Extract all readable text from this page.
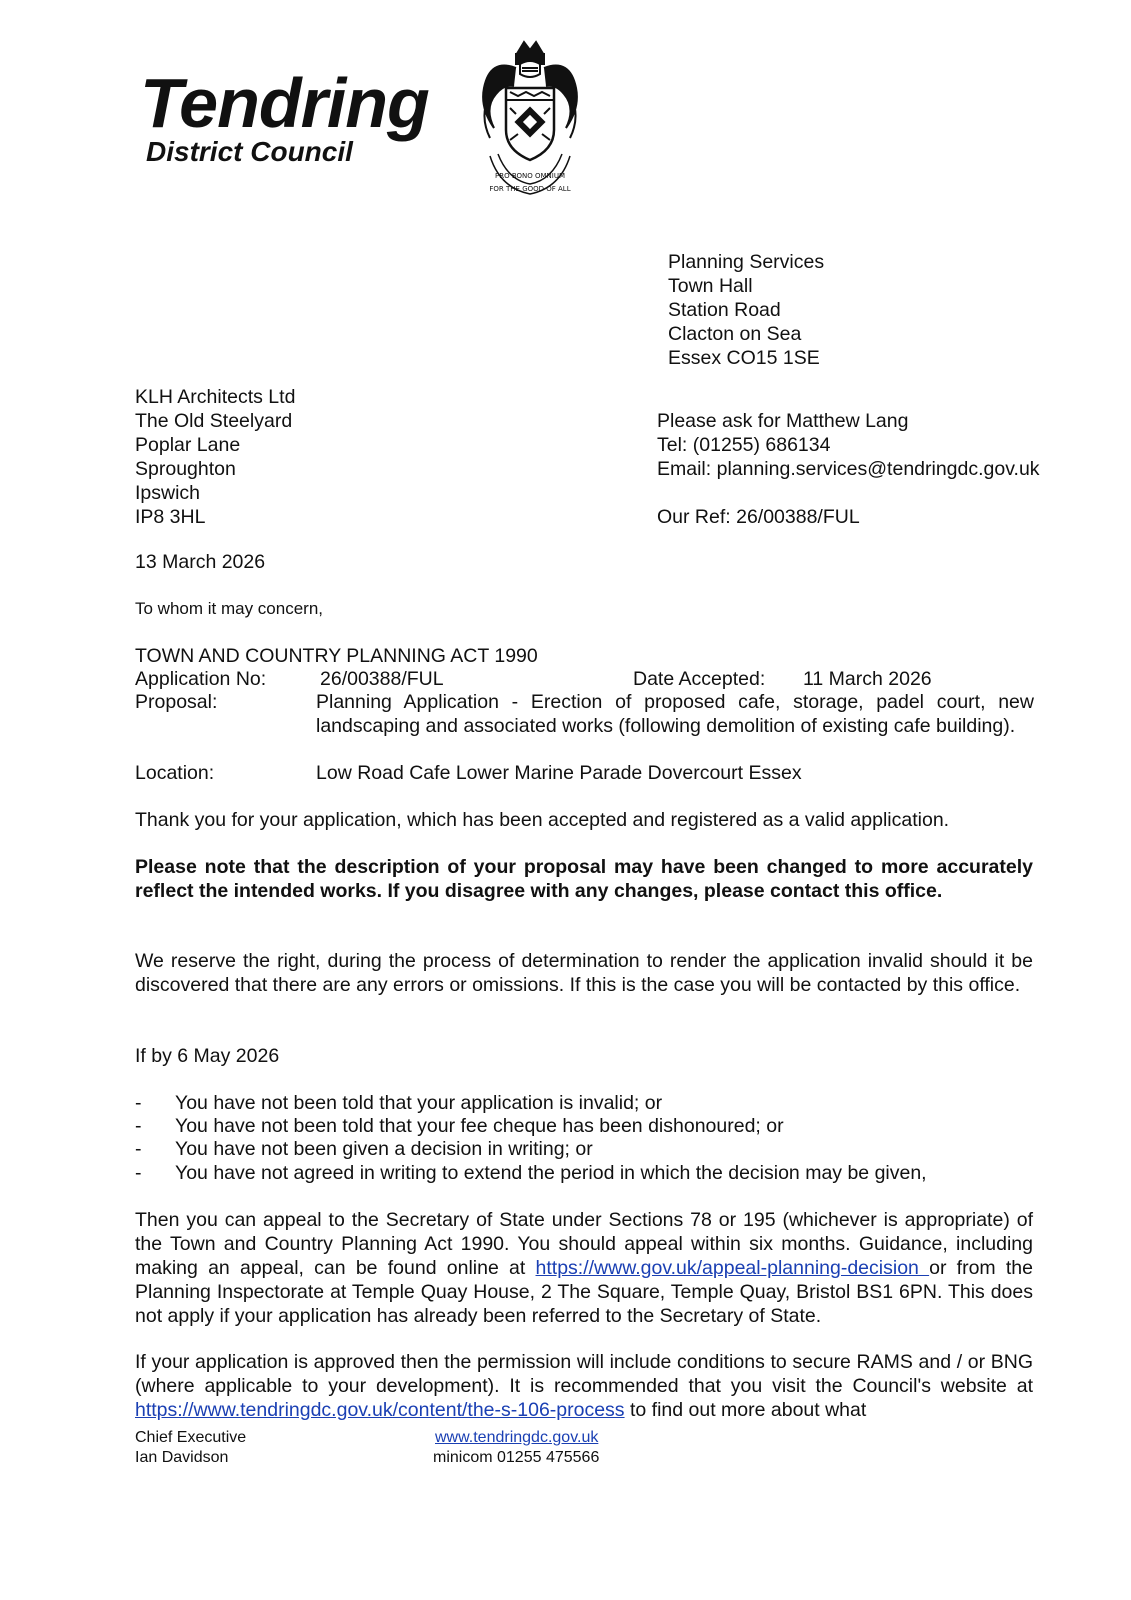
Tendring
District Council
PRO BONO OMNIUM
FOR THE GOOD OF ALL
Planning Services
Town Hall
Station Road
Clacton on Sea
Essex CO15 1SE
KLH Architects Ltd
The Old Steelyard
Poplar Lane
Sproughton
Ipswich
IP8 3HL
Please ask for Matthew Lang
Tel: (01255) 686134
Email: planning.services@tendringdc.gov.uk
Our Ref: 26/00388/FUL
13 March 2026
To whom it may concern,
TOWN AND COUNTRY PLANNING ACT 1990
Application No:	26/00388/FUL	Date Accepted: 11 March 2026
Proposal:	Planning Application - Erection of proposed cafe, storage, padel court, new landscaping and associated works (following demolition of existing cafe building).
Location:	Low Road Cafe Lower Marine Parade Dovercourt Essex
Thank you for your application, which has been accepted and registered as a valid application.
Please note that the description of your proposal may have been changed to more accurately reflect the intended works. If you disagree with any changes, please contact this office.
We reserve the right, during the process of determination to render the application invalid should it be discovered that there are any errors or omissions. If this is the case you will be contacted by this office.
If by 6 May 2026
- You have not been told that your application is invalid; or
- You have not been told that your fee cheque has been dishonoured; or
- You have not been given a decision in writing; or
- You have not agreed in writing to extend the period in which the decision may be given,
Then you can appeal to the Secretary of State under Sections 78 or 195 (whichever is appropriate) of the Town and Country Planning Act 1990. You should appeal within six months. Guidance, including making an appeal, can be found online at https://www.gov.uk/appeal-planning-decision or from the Planning Inspectorate at Temple Quay House, 2 The Square, Temple Quay, Bristol BS1 6PN. This does not apply if your application has already been referred to the Secretary of State.
If your application is approved then the permission will include conditions to secure RAMS and / or BNG (where applicable to your development). It is recommended that you visit the Council's website at https://www.tendringdc.gov.uk/content/the-s-106-process to find out more about what
Chief Executive
Ian Davidson
www.tendringdc.gov.uk
minicom 01255 475566
